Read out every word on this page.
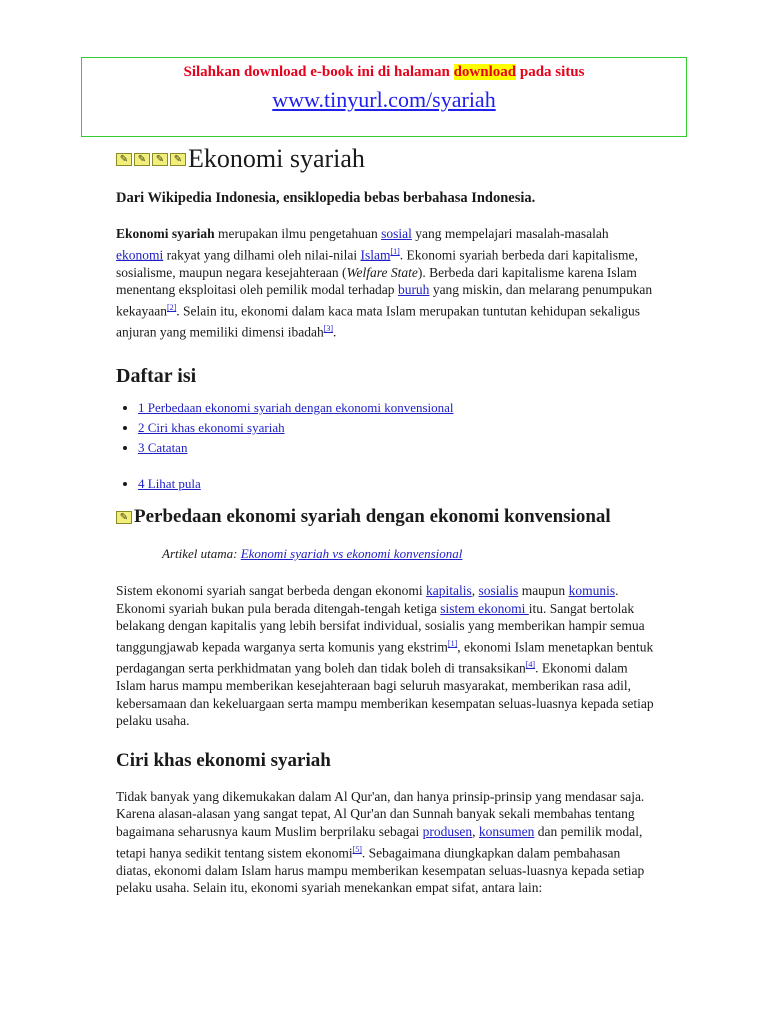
Silahkan download e-book ini di halaman download pada situs
www.tinyurl.com/syariah
✎ ✎ ✎ ✎ Ekonomi syariah
Dari Wikipedia Indonesia, ensiklopedia bebas berbahasa Indonesia.

Ekonomi syariah merupakan ilmu pengetahuan sosial yang mempelajari masalah-masalah ekonomi rakyat yang dilhami oleh nilai-nilai Islam[1]. Ekonomi syariah berbeda dari kapitalisme, sosialisme, maupun negara kesejahteraan (Welfare State). Berbeda dari kapitalisme karena Islam menentang eksploitasi oleh pemilik modal terhadap buruh yang miskin, dan melarang penumpukan kekayaan[2]. Selain itu, ekonomi dalam kaca mata Islam merupakan tuntutan kehidupan sekaligus anjuran yang memiliki dimensi ibadah[3].

Daftar isi
• 1 Perbedaan ekonomi syariah dengan ekonomi konvensional
• 2 Ciri khas ekonomi syariah
• 3 Catatan
• 4 Lihat pula
✎ Perbedaan ekonomi syariah dengan ekonomi konvensional
Artikel utama: Ekonomi syariah vs ekonomi konvensional

Sistem ekonomi syariah sangat berbeda dengan ekonomi kapitalis, sosialis maupun komunis. Ekonomi syariah bukan pula berada ditengah-tengah ketiga sistem ekonomi itu. Sangat bertolak belakang dengan kapitalis yang lebih bersifat individual, sosialis yang memberikan hampir semua tanggungjawab kepada warganya serta komunis yang ekstrim[1], ekonomi Islam menetapkan bentuk perdagangan serta perkhidmatan yang boleh dan tidak boleh di transaksikan[4]. Ekonomi dalam Islam harus mampu memberikan kesejahteraan bagi seluruh masyarakat, memberikan rasa adil, kebersamaan dan kekeluargaan serta mampu memberikan kesempatan seluas-luasnya kepada setiap pelaku usaha.

Ciri khas ekonomi syariah

Tidak banyak yang dikemukakan dalam Al Qur'an, dan hanya prinsip-prinsip yang mendasar saja. Karena alasan-alasan yang sangat tepat, Al Qur'an dan Sunnah banyak sekali membahas tentang bagaimana seharusnya kaum Muslim berprilaku sebagai produsen, konsumen dan pemilik modal, tetapi hanya sedikit tentang sistem ekonomi[5]. Sebagaimana diungkapkan dalam pembahasan diatas, ekonomi dalam Islam harus mampu memberikan kesempatan seluas-luasnya kepada setiap pelaku usaha. Selain itu, ekonomi syariah menekankan empat sifat, antara lain:
